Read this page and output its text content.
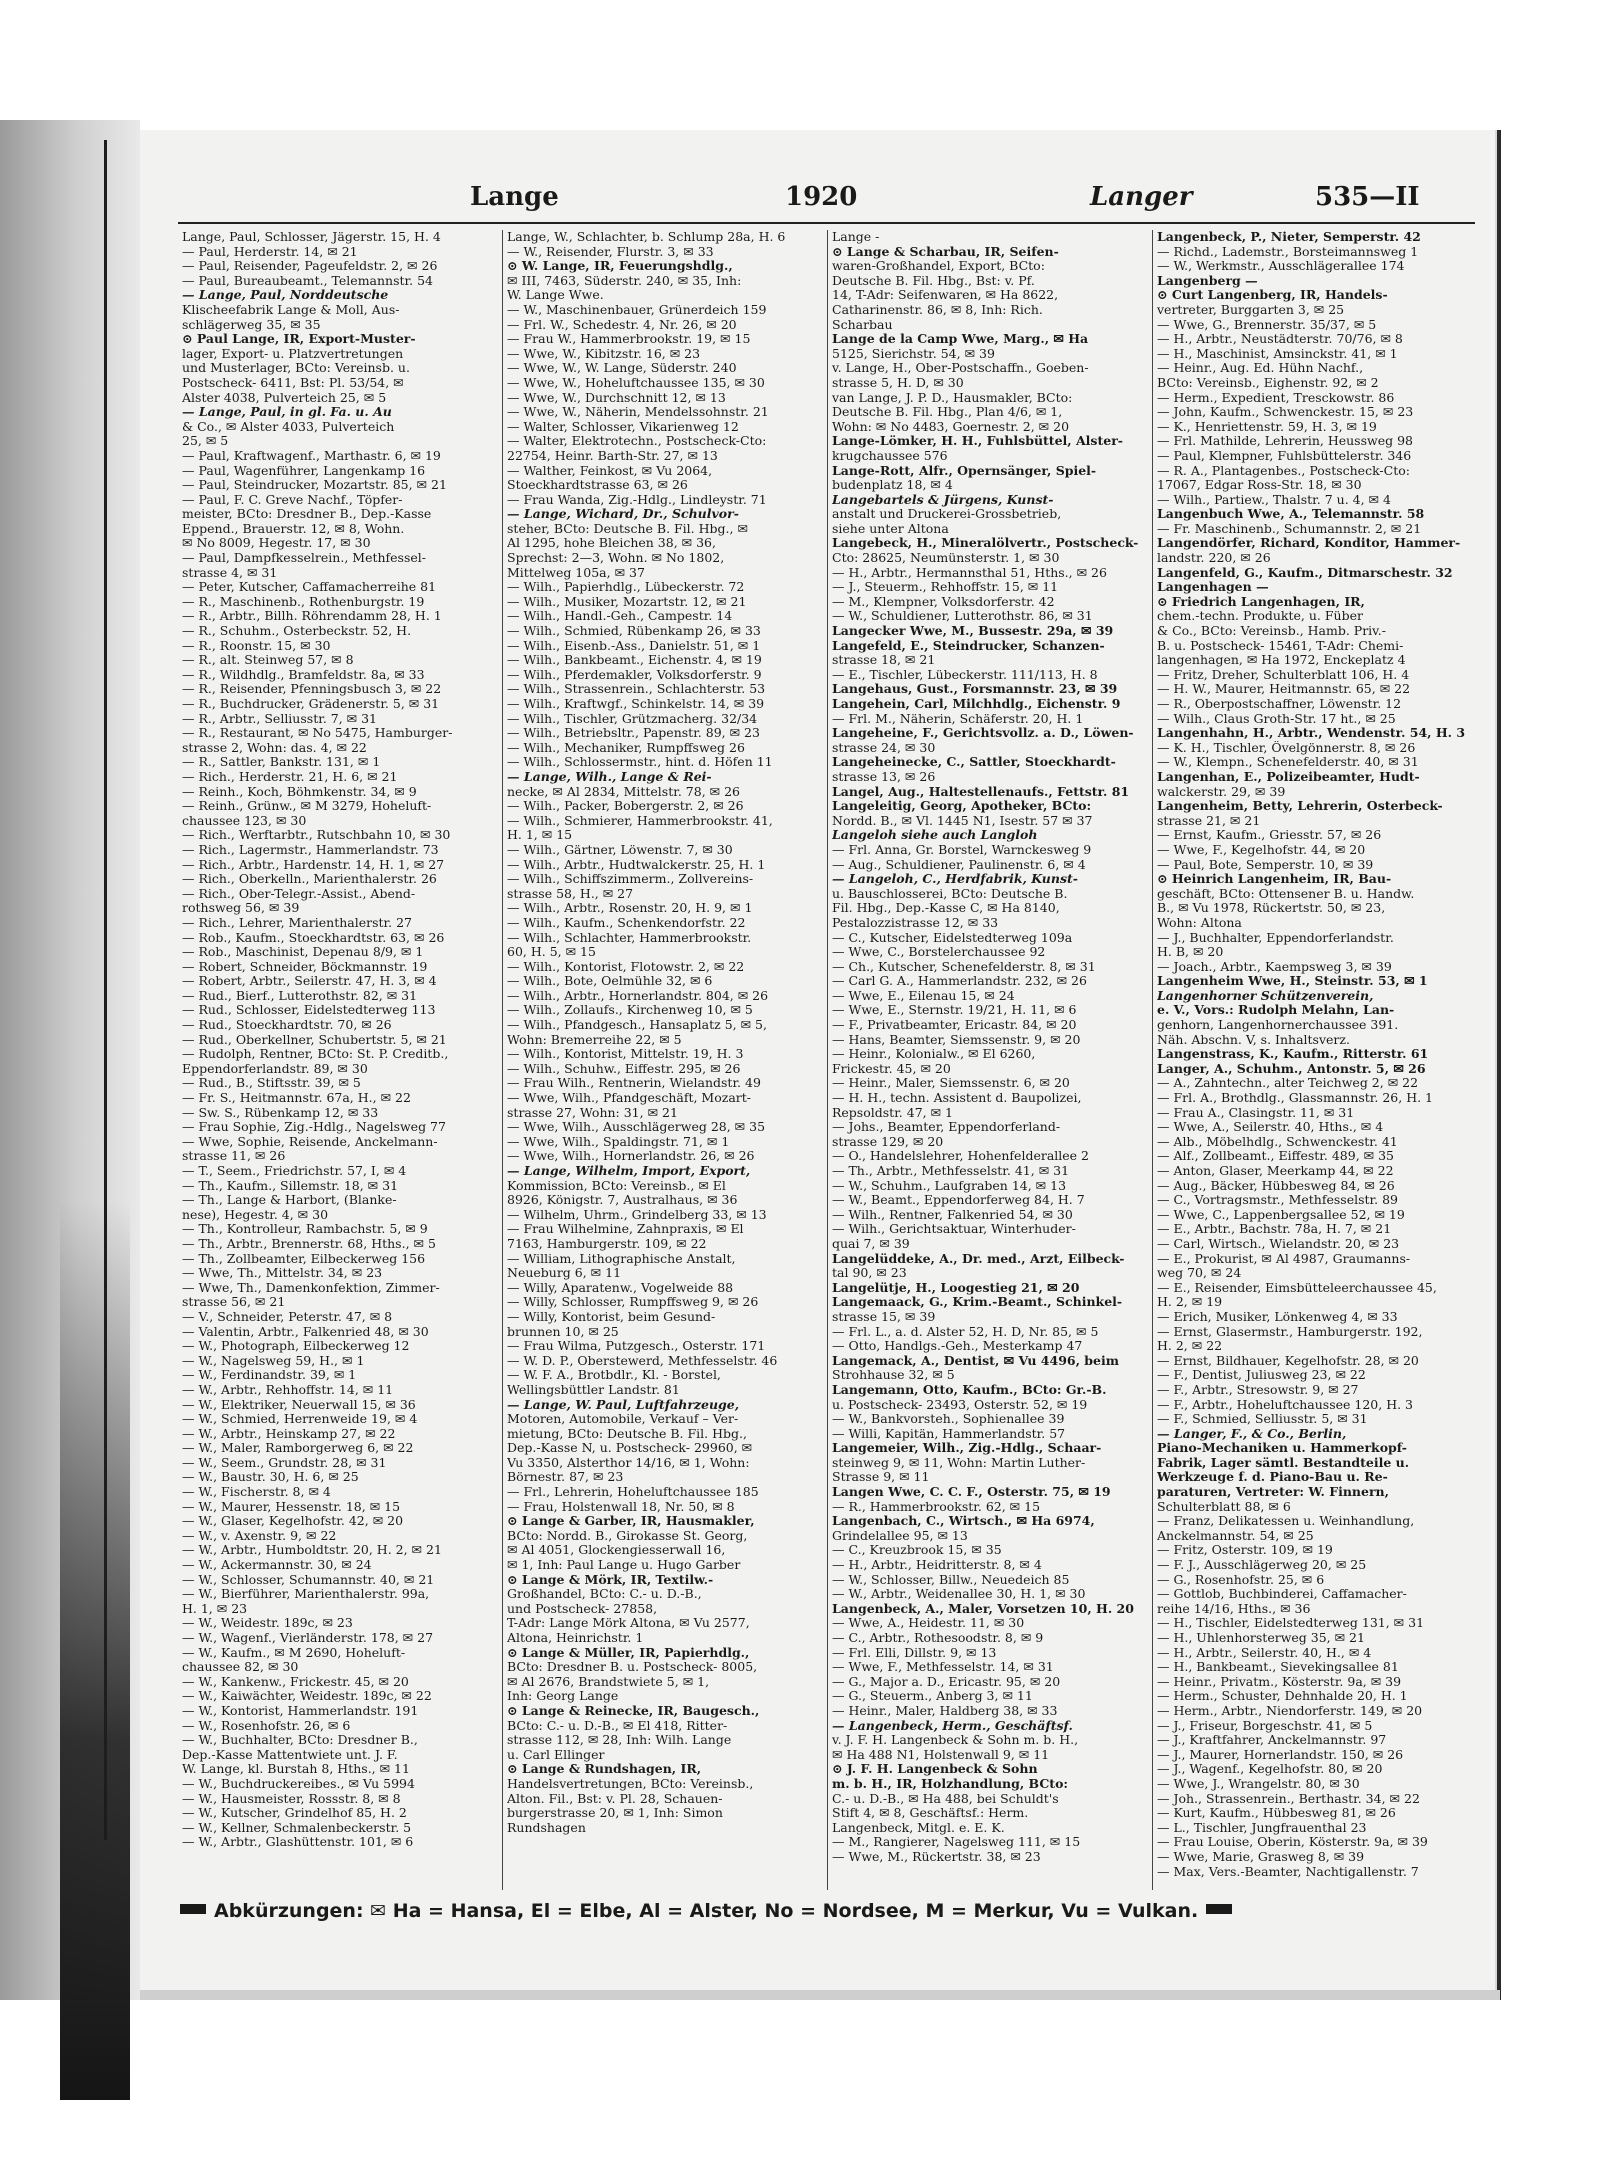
Lange	1920	Langer	535—II
Lange, Paul, Schlosser, Jägerstr. 15, H. 4
— Paul, Herderstr. 14, ✉ 21
— Paul, Reisender, Pageufeldstr. 2, ✉ 26
— Paul, Bureaubeamt., Telemannstr. 54
— Lange, Paul, Norddeutsche
Klischeefabrik Lange & Moll, Aus-
schlägerweg 35, ✉ 35
⊙ Paul Lange, IR, Export-Muster-
lager, Export- u. Platzvertretungen
und Musterlager, BCto: Vereinsb. u.
Postscheck- 6411, Bst: Pl. 53/54, ✉
Alster 4038, Pulverteich 25, ✉ 5
— Lange, Paul, in gl. Fa. u. Au
& Co., ✉ Alster 4033, Pulverteich
25, ✉ 5
— Paul, Kraftwagenf., Marthastr. 6, ✉ 19
— Paul, Wagenführer, Langenkamp 16
— Paul, Steindrucker, Mozartstr. 85, ✉ 21
— Paul, F. C. Greve Nachf., Töpfer-
meister, BCto: Dresdner B., Dep.-Kasse
Eppend., Brauerstr. 12, ✉ 8, Wohn.
✉ No 8009, Hegestr. 17, ✉ 30
— Paul, Dampfkesselrein., Methfessel-
strasse 4, ✉ 31
— Peter, Kutscher, Caffamacherreihe 81
— R., Maschinenb., Rothenburgstr. 19
— R., Arbtr., Billh. Röhrendamm 28, H. 1
— R., Schuhm., Osterbeckstr. 52, H.
— R., Roonstr. 15, ✉ 30
— R., alt. Steinweg 57, ✉ 8
— R., Wildhdlg., Bramfeldstr. 8a, ✉ 33
— R., Reisender, Pfenningsbusch 3, ✉ 22
— R., Buchdrucker, Grädenerstr. 5, ✉ 31
— R., Arbtr., Selliusstr. 7, ✉ 31
— R., Restaurant, ✉ No 5475, Hamburger-
strasse 2, Wohn: das. 4, ✉ 22
— R., Sattler, Bankstr. 131, ✉ 1
— Rich., Herderstr. 21, H. 6, ✉ 21
— Reinh., Koch, Böhmkenstr. 34, ✉ 9
— Reinh., Grünw., ✉ M 3279, Hoheluft-
chaussee 123, ✉ 30
— Rich., Werftarbtr., Rutschbahn 10, ✉ 30
— Rich., Lagermstr., Hammerlandstr. 73
— Rich., Arbtr., Hardenstr. 14, H. 1, ✉ 27
— Rich., Oberkelln., Marienthalerstr. 26
— Rich., Ober-Telegr.-Assist., Abend-
rothsweg 56, ✉ 39
— Rich., Lehrer, Marienthalerstr. 27
— Rob., Kaufm., Stoeckhardtstr. 63, ✉ 26
— Rob., Maschinist, Depenau 8/9, ✉ 1
— Robert, Schneider, Böckmannstr. 19
— Robert, Arbtr., Seilerstr. 47, H. 3, ✉ 4
— Rud., Bierf., Lutterothstr. 82, ✉ 31
— Rud., Schlosser, Eidelstedterweg 113
— Rud., Stoeckhardtstr. 70, ✉ 26
— Rud., Oberkellner, Schubertstr. 5, ✉ 21
— Rudolph, Rentner, BCto: St. P. Creditb.,
Eppendorferlandstr. 89, ✉ 30
— Rud., B., Stiftsstr. 39, ✉ 5
— Fr. S., Heitmannstr. 67a, H., ✉ 22
— Sw. S., Rübenkamp 12, ✉ 33
— Frau Sophie, Zig.-Hdlg., Nagelsweg 77
— Wwe, Sophie, Reisende, Anckelmann-
strasse 11, ✉ 26
— T., Seem., Friedrichstr. 57, I, ✉ 4
— Th., Kaufm., Sillemstr. 18, ✉ 31
— Th., Lange & Harbort, (Blanke-
nese), Hegestr. 4, ✉ 30
— Th., Kontrolleur, Rambachstr. 5, ✉ 9
— Th., Arbtr., Brennerstr. 68, Hths., ✉ 5
— Th., Zollbeamter, Eilbeckerweg 156
— Wwe, Th., Mittelstr. 34, ✉ 23
— Wwe, Th., Damenkonfektion, Zimmer-
strasse 56, ✉ 21
— V., Schneider, Peterstr. 47, ✉ 8
— Valentin, Arbtr., Falkenried 48, ✉ 30
— W., Photograph, Eilbeckerweg 12
— W., Nagelsweg 59, H., ✉ 1
— W., Ferdinandstr. 39, ✉ 1
— W., Arbtr., Rehhoffstr. 14, ✉ 11
— W., Elektriker, Neuerwall 15, ✉ 36
— W., Schmied, Herrenweide 19, ✉ 4
— W., Arbtr., Heinskamp 27, ✉ 22
— W., Maler, Ramborgerweg 6, ✉ 22
— W., Seem., Grundstr. 28, ✉ 31
— W., Baustr. 30, H. 6, ✉ 25
— W., Fischerstr. 8, ✉ 4
— W., Maurer, Hessenstr. 18, ✉ 15
— W., Glaser, Kegelhofstr. 42, ✉ 20
— W., v. Axenstr. 9, ✉ 22
— W., Arbtr., Humboldtstr. 20, H. 2, ✉ 21
— W., Ackermannstr. 30, ✉ 24
— W., Schlosser, Schumannstr. 40, ✉ 21
— W., Bierführer, Marienthalerstr. 99a,
H. 1, ✉ 23
— W., Weidestr. 189c, ✉ 23
— W., Wagenf., Vierländerstr. 178, ✉ 27
— W., Kaufm., ✉ M 2690, Hoheluft-
chaussee 82, ✉ 30
— W., Kankenw., Frickestr. 45, ✉ 20
— W., Kaiwächter, Weidestr. 189c, ✉ 22
— W., Kontorist, Hammerlandstr. 191
— W., Rosenhofstr. 26, ✉ 6
— W., Buchhalter, BCto: Dresdner B.,
Dep.-Kasse Mattentwiete unt. J. F.
W. Lange, kl. Burstah 8, Hths., ✉ 11
— W., Buchdruckereibes., ✉ Vu 5994
— W., Hausmeister, Rossstr. 8, ✉ 8
— W., Kutscher, Grindelhof 85, H. 2
— W., Kellner, Schmalenbeckerstr. 5
— W., Arbtr., Glashüttenstr. 101, ✉ 6
Lange, W., Schlachter, b. Schlump 28a, H. 6
— W., Reisender, Flurstr. 3, ✉ 33
⊙ W. Lange, IR, Feuerungshdlg.,
✉ III, 7463, Süderstr. 240, ✉ 35, Inh:
W. Lange Wwe.
— W., Maschinenbauer, Grünerdeich 159
— Frl. W., Schedestr. 4, Nr. 26, ✉ 20
— Frau W., Hammerbrookstr. 19, ✉ 15
— Wwe, W., Kibitzstr. 16, ✉ 23
— Wwe, W., W. Lange, Süderstr. 240
— Wwe, W., Hoheluftchaussee 135, ✉ 30
— Wwe, W., Durchschnitt 12, ✉ 13
— Wwe, W., Näherin, Mendelssohnstr. 21
— Walter, Schlosser, Vikarienweg 12
— Walter, Elektrotechn., Postscheck-Cto:
22754, Heinr. Barth-Str. 27, ✉ 13
— Walther, Feinkost, ✉ Vu 2064,
Stoeckhardtstrasse 63, ✉ 26
— Frau Wanda, Zig.-Hdlg., Lindleystr. 71
— Lange, Wichard, Dr., Schulvor-
steher, BCto: Deutsche B. Fil. Hbg., ✉
Al 1295, hohe Bleichen 38, ✉ 36,
Sprechst: 2—3, Wohn. ✉ No 1802,
Mittelweg 105a, ✉ 37
— Wilh., Papierhdlg., Lübeckerstr. 72
— Wilh., Musiker, Mozartstr. 12, ✉ 21
— Wilh., Handl.-Geh., Campestr. 14
— Wilh., Schmied, Rübenkamp 26, ✉ 33
— Wilh., Eisenb.-Ass., Danielstr. 51, ✉ 1
— Wilh., Bankbeamt., Eichenstr. 4, ✉ 19
— Wilh., Pferdemakler, Volksdorferstr. 9
— Wilh., Strassenrein., Schlachterstr. 53
— Wilh., Kraftwgf., Schinkelstr. 14, ✉ 39
— Wilh., Tischler, Grützmacherg. 32/34
— Wilh., Betriebsltr., Papenstr. 89, ✉ 23
— Wilh., Mechaniker, Rumpffsweg 26
— Wilh., Schlossermstr., hint. d. Höfen 11
— Lange, Wilh., Lange & Rei-
necke, ✉ Al 2834, Mittelstr. 78, ✉ 26
— Wilh., Packer, Bobergerstr. 2, ✉ 26
— Wilh., Schmierer, Hammerbrookstr. 41,
H. 1, ✉ 15
— Wilh., Gärtner, Löwenstr. 7, ✉ 30
— Wilh., Arbtr., Hudtwalckerstr. 25, H. 1
— Wilh., Schiffszimmerm., Zollvereins-
strasse 58, H., ✉ 27
— Wilh., Arbtr., Rosenstr. 20, H. 9, ✉ 1
— Wilh., Kaufm., Schenkendorfstr. 22
— Wilh., Schlachter, Hammerbrookstr.
60, H. 5, ✉ 15
— Wilh., Kontorist, Flotowstr. 2, ✉ 22
— Wilh., Bote, Oelmühle 32, ✉ 6
— Wilh., Arbtr., Hornerlandstr. 804, ✉ 26
— Wilh., Zollaufs., Kirchenweg 10, ✉ 5
— Wilh., Pfandgesch., Hansaplatz 5, ✉ 5,
Wohn: Bremerreihe 22, ✉ 5
— Wilh., Kontorist, Mittelstr. 19, H. 3
— Wilh., Schuhw., Eiffestr. 295, ✉ 26
— Frau Wilh., Rentnerin, Wielandstr. 49
— Wwe, Wilh., Pfandgeschäft, Mozart-
strasse 27, Wohn: 31, ✉ 21
— Wwe, Wilh., Ausschlägerweg 28, ✉ 35
— Wwe, Wilh., Spaldingstr. 71, ✉ 1
— Wwe, Wilh., Hornerlandstr. 26, ✉ 26
— Lange, Wilhelm, Import, Export,
Kommission, BCto: Vereinsb., ✉ El
8926, Königstr. 7, Australhaus, ✉ 36
— Wilhelm, Uhrm., Grindelberg 33, ✉ 13
— Frau Wilhelmine, Zahnpraxis, ✉ El
7163, Hamburgerstr. 109, ✉ 22
— William, Lithographische Anstalt,
Neueburg 6, ✉ 11
— Willy, Aparatenw., Vogelweide 88
— Willy, Schlosser, Rumpffsweg 9, ✉ 26
— Willy, Kontorist, beim Gesund-
brunnen 10, ✉ 25
— Frau Wilma, Putzgesch., Osterstr. 171
— W. D. P., Oberstewerd, Methfesselstr. 46
— W. F. A., Brotbdlr., Kl. - Borstel,
Wellingsbüttler Landstr. 81
— Lange, W. Paul, Luftfahrzeuge,
Motoren, Automobile, Verkauf – Ver-
mietung, BCto: Deutsche B. Fil. Hbg.,
Dep.-Kasse N, u. Postscheck- 29960, ✉
Vu 3350, Alsterthor 14/16, ✉ 1, Wohn:
Börnestr. 87, ✉ 23
— Frl., Lehrerin, Hoheluftchaussee 185
— Frau, Holstenwall 18, Nr. 50, ✉ 8
⊙ Lange & Garber, IR, Hausmakler,
BCto: Nordd. B., Girokasse St. Georg,
✉ Al 4051, Glockengiesserwall 16,
✉ 1, Inh: Paul Lange u. Hugo Garber
⊙ Lange & Mörk, IR, Textilw.-
Großhandel, BCto: C.- u. D.-B.,
und Postscheck- 27858,
T-Adr: Lange Mörk Altona, ✉ Vu 2577,
Altona, Heinrichstr. 1
⊙ Lange & Müller, IR, Papierhdlg.,
BCto: Dresdner B. u. Postscheck- 8005,
✉ Al 2676, Brandstwiete 5, ✉ 1,
Inh: Georg Lange
⊙ Lange & Reinecke, IR, Baugesch.,
BCto: C.- u. D.-B., ✉ El 418, Ritter-
strasse 112, ✉ 28, Inh: Wilh. Lange
u. Carl Ellinger
⊙ Lange & Rundshagen, IR,
Handelsvertretungen, BCto: Vereinsb.,
Alton. Fil., Bst: v. Pl. 28, Schauen-
burgerstrasse 20, ✉ 1, Inh: Simon
Rundshagen
Lange -
⊙ Lange & Scharbau, IR, Seifen-
waren-Großhandel, Export, BCto:
Deutsche B. Fil. Hbg., Bst: v. Pf.
14, T-Adr: Seifenwaren, ✉ Ha 8622,
Catharinenstr. 86, ✉ 8, Inh: Rich.
Scharbau
Lange de la Camp Wwe, Marg., ✉ Ha
5125, Sierichstr. 54, ✉ 39
v. Lange, H., Ober-Postschaffn., Goeben-
strasse 5, H. D, ✉ 30
van Lange, J. P. D., Hausmakler, BCto:
Deutsche B. Fil. Hbg., Plan 4/6, ✉ 1,
Wohn: ✉ No 4483, Goernestr. 2, ✉ 20
Lange-Lömker, H. H., Fuhlsbüttel, Alster-
krugchaussee 576
Lange-Rott, Alfr., Opernsänger, Spiel-
budenplatz 18, ✉ 4
Langebartels & Jürgens, Kunst-
anstalt und Druckerei-Grossbetrieb,
siehe unter Altona
Langebeck, H., Mineralölvertr., Postscheck-
Cto: 28625, Neumünsterstr. 1, ✉ 30
— H., Arbtr., Hermannsthal 51, Hths., ✉ 26
— J., Steuerm., Rehhoffstr. 15, ✉ 11
— M., Klempner, Volksdorferstr. 42
— W., Schuldiener, Lutterothstr. 86, ✉ 31
Langecker Wwe, M., Bussestr. 29a, ✉ 39
Langefeld, E., Steindrucker, Schanzen-
strasse 18, ✉ 21
— E., Tischler, Lübeckerstr. 111/113, H. 8
Langehaus, Gust., Forsmannstr. 23, ✉ 39
Langehein, Carl, Milchhdlg., Eichenstr. 9
— Frl. M., Näherin, Schäferstr. 20, H. 1
Langeheine, F., Gerichtsvollz. a. D., Löwen-
strasse 24, ✉ 30
Langeheinecke, C., Sattler, Stoeckhardt-
strasse 13, ✉ 26
Langel, Aug., Haltestellenaufs., Fettstr. 81
Langeleitig, Georg, Apotheker, BCto:
Nordd. B., ✉ Vl. 1445 N1, Isestr. 57 ✉ 37
Langeloh siehe auch Langloh
— Frl. Anna, Gr. Borstel, Warnckesweg 9
— Aug., Schuldiener, Paulinenstr. 6, ✉ 4
— Langeloh, C., Herdfabrik, Kunst-
u. Bauschlosserei, BCto: Deutsche B.
Fil. Hbg., Dep.-Kasse C, ✉ Ha 8140,
Pestalozzistrasse 12, ✉ 33
— C., Kutscher, Eidelstedterweg 109a
— Wwe, C., Borstelerchaussee 92
— Ch., Kutscher, Schenefelderstr. 8, ✉ 31
— Carl G. A., Hammerlandstr. 232, ✉ 26
— Wwe, E., Eilenau 15, ✉ 24
— Wwe, E., Sternstr. 19/21, H. 11, ✉ 6
— F., Privatbeamter, Ericastr. 84, ✉ 20
— Hans, Beamter, Siemssenstr. 9, ✉ 20
— Heinr., Kolonialw., ✉ El 6260,
Frickestr. 45, ✉ 20
— Heinr., Maler, Siemssenstr. 6, ✉ 20
— H. H., techn. Assistent d. Baupolizei,
Repsoldstr. 47, ✉ 1
— Johs., Beamter, Eppendorferland-
strasse 129, ✉ 20
— O., Handelslehrer, Hohenfelderallee 2
— Th., Arbtr., Methfesselstr. 41, ✉ 31
— W., Schuhm., Laufgraben 14, ✉ 13
— W., Beamt., Eppendorferweg 84, H. 7
— Wilh., Rentner, Falkenried 54, ✉ 30
— Wilh., Gerichtsaktuar, Winterhuder-
quai 7, ✉ 39
Langelüddeke, A., Dr. med., Arzt, Eilbeck-
tal 90, ✉ 23
Langelütje, H., Loogestieg 21, ✉ 20
Langemaack, G., Krim.-Beamt., Schinkel-
strasse 15, ✉ 39
— Frl. L., a. d. Alster 52, H. D, Nr. 85, ✉ 5
— Otto, Handlgs.-Geh., Mesterkamp 47
Langemack, A., Dentist, ✉ Vu 4496, beim
Strohhause 32, ✉ 5
Langemann, Otto, Kaufm., BCto: Gr.-B.
u. Postscheck- 23493, Osterstr. 52, ✉ 19
— W., Bankvorsteh., Sophienallee 39
— Willi, Kapitän, Hammerlandstr. 57
Langemeier, Wilh., Zig.-Hdlg., Schaar-
steinweg 9, ✉ 11, Wohn: Martin Luther-
Strasse 9, ✉ 11
Langen Wwe, C. C. F., Osterstr. 75, ✉ 19
— R., Hammerbrookstr. 62, ✉ 15
Langenbach, C., Wirtsch., ✉ Ha 6974,
Grindelallee 95, ✉ 13
— C., Kreuzbrook 15, ✉ 35
— H., Arbtr., Heidritterstr. 8, ✉ 4
— W., Schlosser, Billw., Neuedeich 85
— W., Arbtr., Weidenallee 30, H. 1, ✉ 30
Langenbeck, A., Maler, Vorsetzen 10, H. 20
— Wwe, A., Heidestr. 11, ✉ 30
— C., Arbtr., Rothesoodstr. 8, ✉ 9
— Frl. Elli, Dillstr. 9, ✉ 13
— Wwe, F., Methfesselstr. 14, ✉ 31
— G., Major a. D., Ericastr. 95, ✉ 20
— G., Steuerm., Anberg 3, ✉ 11
— Heinr., Maler, Haldberg 38, ✉ 33
— Langenbeck, Herm., Geschäftsf.
v. J. F. H. Langenbeck & Sohn m. b. H.,
✉ Ha 488 N1, Holstenwall 9, ✉ 11
⊙ J. F. H. Langenbeck & Sohn
m. b. H., IR, Holzhandlung, BCto:
C.- u. D.-B., ✉ Ha 488, bei Schuldt's
Stift 4, ✉ 8, Geschäftsf.: Herm.
Langenbeck, Mitgl. e. E. K.
— M., Rangierer, Nagelsweg 111, ✉ 15
— Wwe, M., Rückertstr. 38, ✉ 23
Langenbeck, P., Nieter, Semperstr. 42
— Richd., Lademstr., Borsteimannsweg 1
— W., Werkmstr., Ausschlägerallee 174
Langenberg —
⊙ Curt Langenberg, IR, Handels-
vertreter, Burggarten 3, ✉ 25
— Wwe, G., Brennerstr. 35/37, ✉ 5
— H., Arbtr., Neustädterstr. 70/76, ✉ 8
— H., Maschinist, Amsinckstr. 41, ✉ 1
— Heinr., Aug. Ed. Hühn Nachf.,
BCto: Vereinsb., Eighenstr. 92, ✉ 2
— Herm., Expedient, Tresckowstr. 86
— John, Kaufm., Schwenckestr. 15, ✉ 23
— K., Henriettenstr. 59, H. 3, ✉ 19
— Frl. Mathilde, Lehrerin, Heussweg 98
— Paul, Klempner, Fuhlsbüttelerstr. 346
— R. A., Plantagenbes., Postscheck-Cto:
17067, Edgar Ross-Str. 18, ✉ 30
— Wilh., Partiew., Thalstr. 7 u. 4, ✉ 4
Langenbuch Wwe, A., Telemannstr. 58
— Fr. Maschinenb., Schumannstr. 2, ✉ 21
Langendörfer, Richard, Konditor, Hammer-
landstr. 220, ✉ 26
Langenfeld, G., Kaufm., Ditmarschestr. 32
Langenhagen —
⊙ Friedrich Langenhagen, IR,
chem.-techn. Produkte, u. Füber
& Co., BCto: Vereinsb., Hamb. Priv.-
B. u. Postscheck- 15461, T-Adr: Chemi-
langenhagen, ✉ Ha 1972, Enckeplatz 4
— Fritz, Dreher, Schulterblatt 106, H. 4
— H. W., Maurer, Heitmannstr. 65, ✉ 22
— R., Oberpostschaffner, Löwenstr. 12
— Wilh., Claus Groth-Str. 17 ht., ✉ 25
Langenhahn, H., Arbtr., Wendenstr. 54, H. 3
— K. H., Tischler, Övelgönnerstr. 8, ✉ 26
— W., Klempn., Schenefelderstr. 40, ✉ 31
Langenhan, E., Polizeibeamter, Hudt-
walckerstr. 29, ✉ 39
Langenheim, Betty, Lehrerin, Osterbeck-
strasse 21, ✉ 21
— Ernst, Kaufm., Griesstr. 57, ✉ 26
— Wwe, F., Kegelhofstr. 44, ✉ 20
— Paul, Bote, Semperstr. 10, ✉ 39
⊙ Heinrich Langenheim, IR, Bau-
geschäft, BCto: Ottensener B. u. Handw.
B., ✉ Vu 1978, Rückertstr. 50, ✉ 23,
Wohn: Altona
— J., Buchhalter, Eppendorferlandstr.
H. B, ✉ 20
— Joach., Arbtr., Kaempsweg 3, ✉ 39
Langenheim Wwe, H., Steinstr. 53, ✉ 1
Langenhorner Schützenverein,
e. V., Vors.: Rudolph Melahn, Lan-
genhorn, Langenhornerchaussee 391.
Näh. Abschn. V, s. Inhaltsverz.
Langenstrass, K., Kaufm., Ritterstr. 61
Langer, A., Schuhm., Antonstr. 5, ✉ 26
— A., Zahntechn., alter Teichweg 2, ✉ 22
— Frl. A., Brothdlg., Glassmannstr. 26, H. 1
— Frau A., Clasingstr. 11, ✉ 31
— Wwe, A., Seilerstr. 40, Hths., ✉ 4
— Alb., Möbelhdlg., Schwenckestr. 41
— Alf., Zollbeamt., Eiffestr. 489, ✉ 35
— Anton, Glaser, Meerkamp 44, ✉ 22
— Aug., Bäcker, Hübbesweg 84, ✉ 26
— C., Vortragsmstr., Methfesselstr. 89
— Wwe, C., Lappenbergsallee 52, ✉ 19
— E., Arbtr., Bachstr. 78a, H. 7, ✉ 21
— Carl, Wirtsch., Wielandstr. 20, ✉ 23
— E., Prokurist, ✉ Al 4987, Graumanns-
weg 70, ✉ 24
— E., Reisender, Eimsbütteleerchaussee 45,
H. 2, ✉ 19
— Erich, Musiker, Lönkenweg 4, ✉ 33
— Ernst, Glasermstr., Hamburgerstr. 192,
H. 2, ✉ 22
— Ernst, Bildhauer, Kegelhofstr. 28, ✉ 20
— F., Dentist, Juliusweg 23, ✉ 22
— F., Arbtr., Stresowstr. 9, ✉ 27
— F., Arbtr., Hoheluftchaussee 120, H. 3
— F., Schmied, Selliusstr. 5, ✉ 31
— Langer, F., & Co., Berlin,
Piano-Mechaniken u. Hammerkopf-
Fabrik, Lager sämtl. Bestandteile u.
Werkzeuge f. d. Piano-Bau u. Re-
paraturen, Vertreter: W. Finnern,
Schulterblatt 88, ✉ 6
— Franz, Delikatessen u. Weinhandlung,
Anckelmannstr. 54, ✉ 25
— Fritz, Osterstr. 109, ✉ 19
— F. J., Ausschlägerweg 20, ✉ 25
— G., Rosenhofstr. 25, ✉ 6
— Gottlob, Buchbinderei, Caffamacher-
reihe 14/16, Hths., ✉ 36
— H., Tischler, Eidelstedterweg 131, ✉ 31
— H., Uhlenhorsterweg 35, ✉ 21
— H., Arbtr., Seilerstr. 40, H., ✉ 4
— H., Bankbeamt., Sievekingsallee 81
— Heinr., Privatm., Kösterstr. 9a, ✉ 39
— Herm., Schuster, Dehnhalde 20, H. 1
— Herm., Arbtr., Niendorferstr. 149, ✉ 20
— J., Friseur, Borgeschstr. 41, ✉ 5
— J., Kraftfahrer, Anckelmannstr. 97
— J., Maurer, Hornerlandstr. 150, ✉ 26
— J., Wagenf., Kegelhofstr. 80, ✉ 20
— Wwe, J., Wrangelstr. 80, ✉ 30
— Joh., Strassenrein., Berthastr. 34, ✉ 22
— Kurt, Kaufm., Hübbesweg 81, ✉ 26
— L., Tischler, Jungfrauenthal 23
— Frau Louise, Oberin, Kösterstr. 9a, ✉ 39
— Wwe, Marie, Grasweg 8, ✉ 39
— Max, Vers.-Beamter, Nachtigallenstr. 7
Abkürzungen: ✉ Ha = Hansa, El = Elbe, Al = Alster, No = Nordsee, M = Merkur, Vu = Vulkan.
